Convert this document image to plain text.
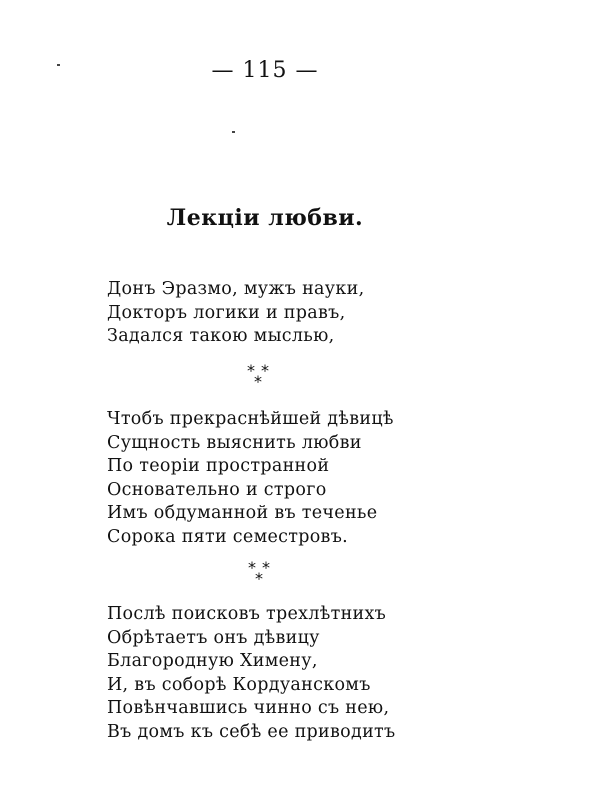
— 115 —
Лекціи любви.
Донъ Эразмо, мужъ науки,
Докторъ логики и правъ,
Задался такою мыслью,
* *
*
Чтобъ прекраснѣйшей дѣвицѣ
Сущность выяснить любви
По теоріи пространной
Основательно и строго
Имъ обдуманной въ теченье
Сорока пяти семестровъ.
* *
*
Послѣ поисковъ трехлѣтнихъ
Обрѣтаетъ онъ дѣвицу
Благородную Химену,
И, въ соборѣ Кордуанскомъ
Повѣнчавшись чинно съ нею,
Въ домъ къ себѣ ее приводитъ
